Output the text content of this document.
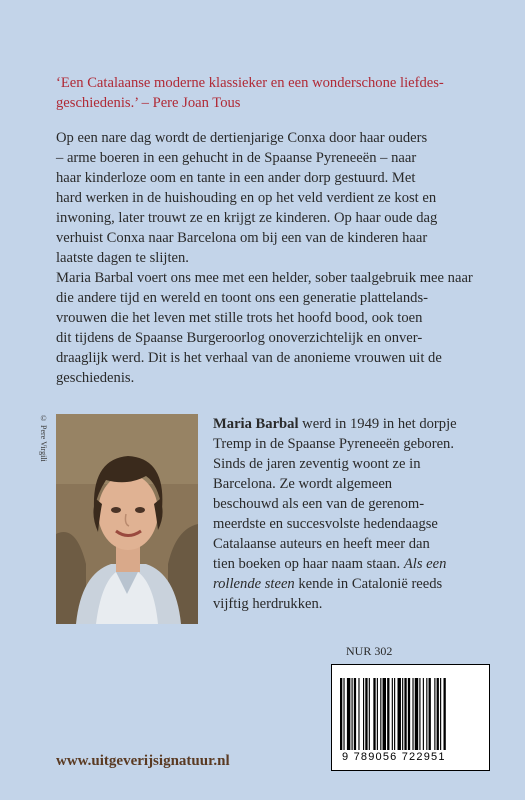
‘Een Catalaanse moderne klassieker en een wonderschone liefdes-
geschiedenis.’ – Pere Joan Tous

Op een nare dag wordt de dertienjarige Conxa door haar ouders
– arme boeren in een gehucht in de Spaanse Pyreneeën – naar
haar kinderloze oom en tante in een ander dorp gestuurd. Met
hard werken in de huishouding en op het veld verdient ze kost en
inwoning, later trouwt ze en krijgt ze kinderen. Op haar oude dag
verhuist Conxa naar Barcelona om bij een van de kinderen haar
laatste dagen te slijten.

Maria Barbal voert ons mee met een helder, sober taalgebruik mee naar
die andere tijd en wereld en toont ons een generatie plattelands-
vrouwen die het leven met stille trots het hoofd bood, ook toen
dit tijdens de Spaanse Burgeroorlog onoverzichtelijk en onver-
draaglijk werd. Dit is het verhaal van de anonieme vrouwen uit de
geschiedenis.

© Pere Virgili	Maria Barbal werd in 1949 in het dorpje
Tremp in de Spaanse Pyreneeën geboren.
Sinds de jaren zeventig woont ze in
Barcelona. Ze wordt algemeen
beschouwd als een van de gerenom-
meerdste en succesvolste hedendaagse
Catalaanse auteurs en heeft meer dan
tien boeken op haar naam staan. Als een
rollende steen kende in Catalonië reeds
vijftig herdrukken.
NUR 302
9 789056 722951
www.uitgeverijsignatuur.nl
